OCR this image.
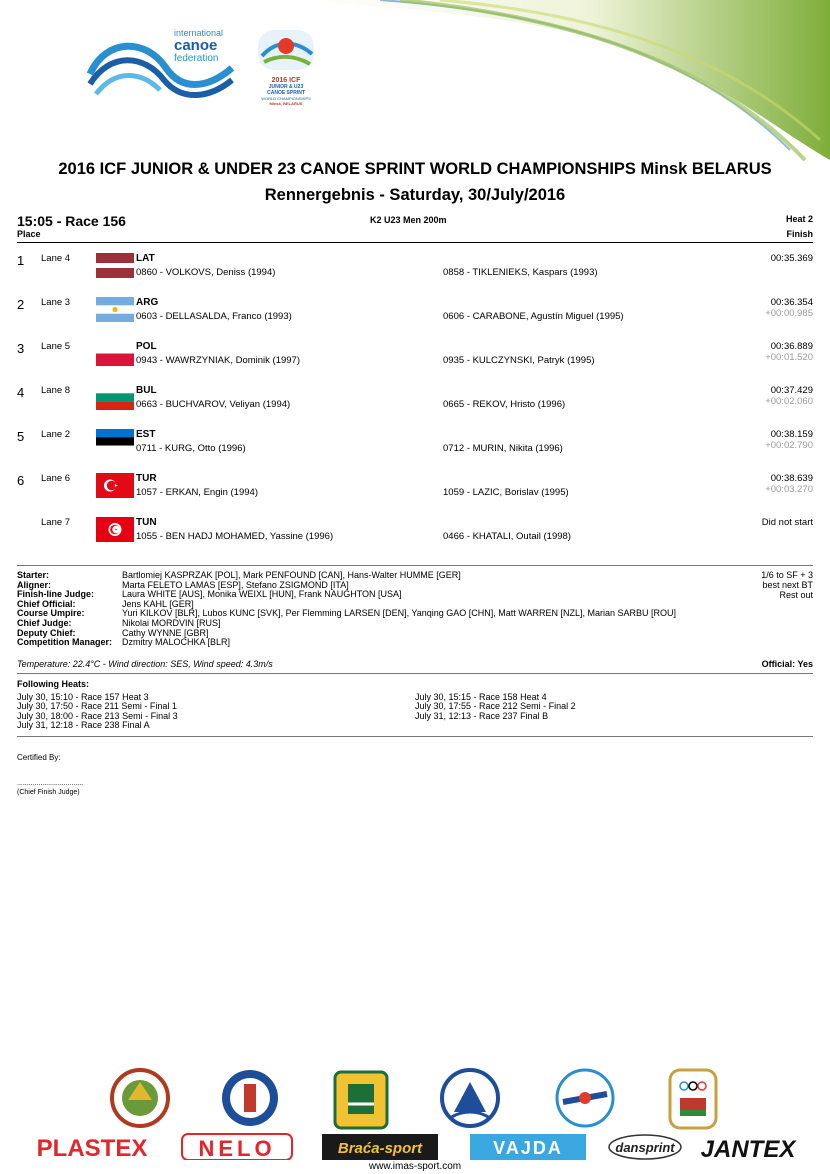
international
canoe
federation
2016 ICF
JUNIOR & U23
CANOE SPRINT
WORLD CHAMPIONSHIPS
Minsk, BELARUS
2016 ICF JUNIOR & UNDER 23 CANOE SPRINT WORLD CHAMPIONSHIPS Minsk BELARUS
Rennergebnis - Saturday, 30/July/2016
15:05 - Race 156
Place
K2 U23 Men 200m	Heat 2
Finish
1 Lane 4	LAT
0860 - VOLKOVS, Deniss (1994)	0858 - TIKLENIEKS, Kaspars (1993)
00:35.369
2 Lane 3	ARG
0603 - DELLASALDA, Franco (1993)	0606 - CARABONE, Agustín Miguel (1995)
00:36.354
+00:00.985
3 Lane 5	POL
0943 - WAWRZYNIAK, Dominik (1997)	0935 - KULCZYNSKI, Patryk (1995)
00:36.889
+00:01.520
4 Lane 8	BUL
0663 - BUCHVAROV, Veliyan (1994)	0665 - REKOV, Hristo (1996)
00:37.429
+00:02.060
5 Lane 2	EST
0711 - KURG, Otto (1996)	0712 - MURIN, Nikita (1996)
00:38.159
+00:02.790
6 Lane 6	TUR
1057 - ERKAN, Engin (1994)	1059 - LAZIC, Borislav (1995)
00:38.639
+00:03.270
Lane 7	TUN
1055 - BEN HADJ MOHAMED, Yassine (1996)	0466 - KHATALI, Outail (1998)
Did not start
Starter:	Bartlomiej KASPRZAK [POL], Mark PENFOUND [CAN], Hans-Walter HUMME [GER]
Aligner:	Marta FELETO LAMAS [ESP], Stefano ZSIGMOND [ITA]
Finish-line Judge:	Laura WHITE [AUS], Monika WEIXL [HUN], Frank NAUGHTON [USA]
Chief Official:	Jens KAHL [GER]
Course Umpire:	Yuri KILKOV [BLR], Lubos KUNC [SVK], Per Flemming LARSEN [DEN], Yanqing GAO [CHN], Matt WARREN [NZL], Marian SARBU [ROU]
Chief Judge:	Nikolai MORDVIN [RUS]
Deputy Chief:	Cathy WYNNE [GBR]
Competition Manager: Dzmitry MALOCHKA [BLR]
1/6 to SF + 3
best next BT
Rest out
Temperature: 22.4°C - Wind direction: SES, Wind speed: 4.3m/s	Official: Yes
Following Heats:
July 30, 15:10 - Race 157 Heat 3
July 30, 17:50 - Race 211 Semi - Final 1
July 30, 18:00 - Race 213 Semi - Final 3
July 31, 12:18 - Race 238 Final A
July 30, 15:15 - Race 158 Heat 4
July 30, 17:55 - Race 212 Semi - Final 2
July 31, 12:13 - Race 237 Final B
Certified By:
..................................
(Chief Finish Judge)
PLASTEX NELO	Braća-sport	VAJDA	dansprint JANTEX
www.imas-sport.com
